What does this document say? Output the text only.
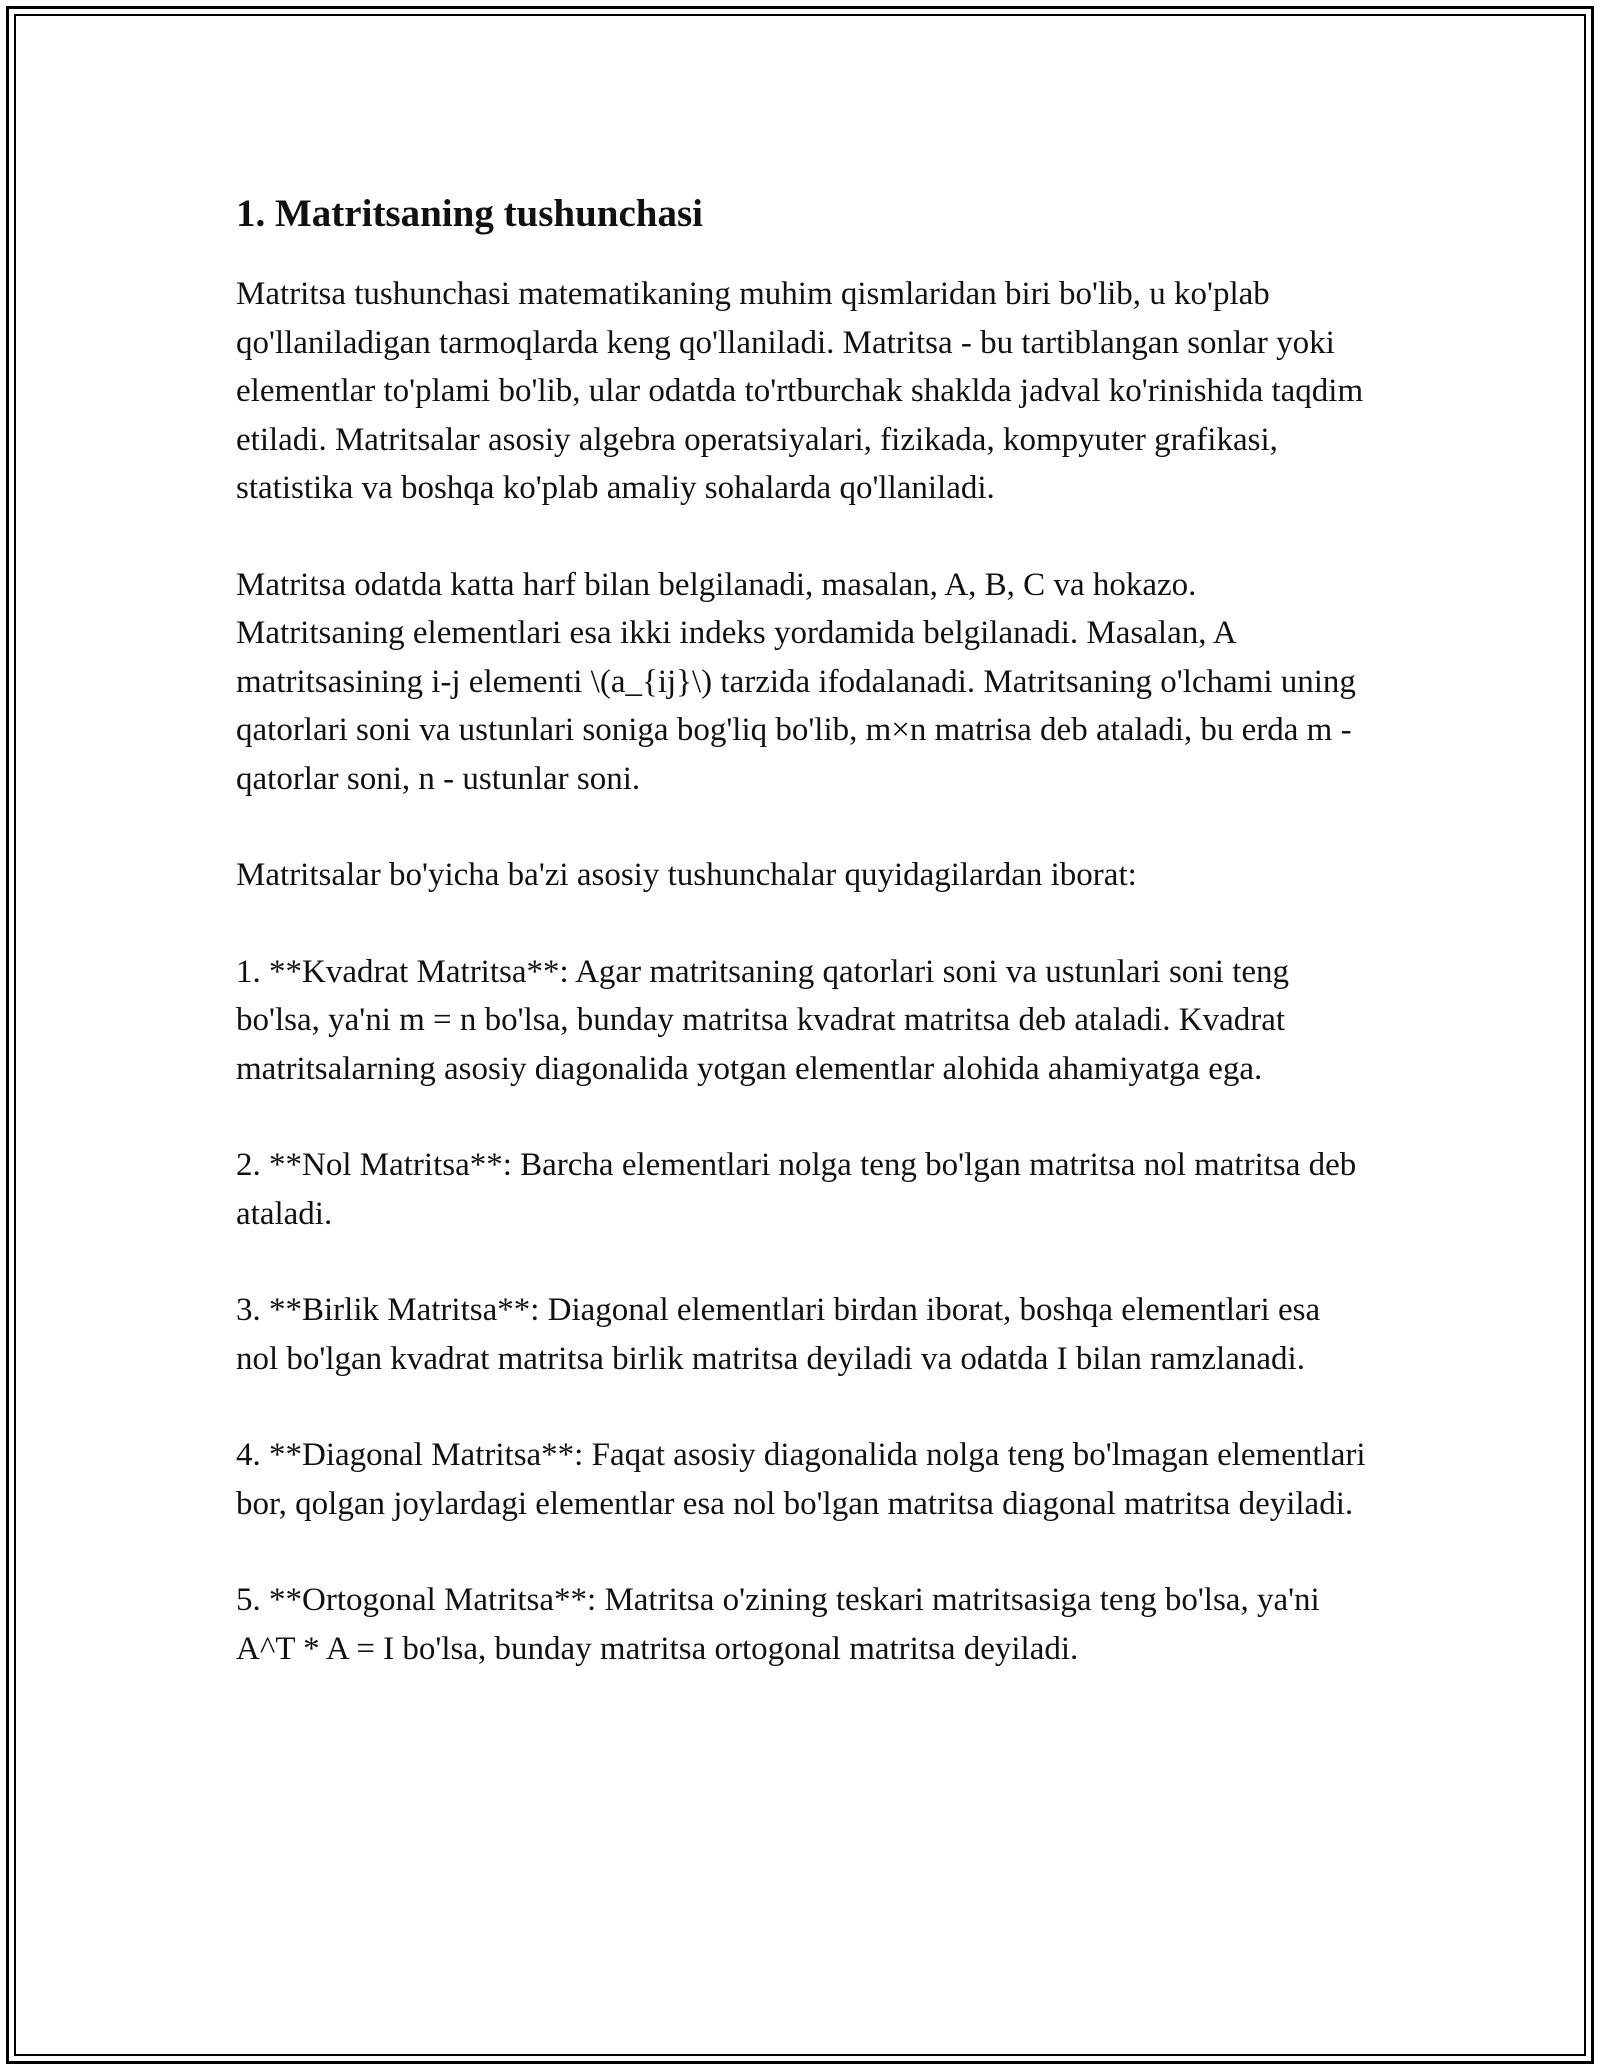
1. Matritsaning tushunchasi

Matritsa tushunchasi matematikaning muhim qismlaridan biri bo'lib, u ko'plab qo'llaniladigan tarmoqlarda keng qo'llaniladi. Matritsa - bu tartiblangan sonlar yoki elementlar to'plami bo'lib, ular odatda to'rtburchak shakldа jadval ko'rinishida taqdim etiladi. Matritsalar asosiy algebra operatsiyalari, fizikada, kompyuter grafikasi, statistika va boshqa ko'plab amaliy sohalarda qo'llaniladi.

Matritsa odatda katta harf bilan belgilanadi, masalan, A, B, C va hokazo. Matritsaning elementlari esa ikki indeks yordamida belgilanadi. Masalan, A matritsasining i-j elementi \(a_{ij}\) tarzida ifodalanadi. Matritsaning o'lchami uning qatorlari soni va ustunlari soniga bog'liq bo'lib, m×n matrisa deb ataladi, bu erda m - qatorlar soni, n - ustunlar soni.

Matritsalar bo'yicha ba'zi asosiy tushunchalar quyidagilardan iborat:

1. **Kvadrat Matritsa**: Agar matritsaning qatorlari soni va ustunlari soni teng bo'lsa, ya'ni m = n bo'lsa, bunday matritsa kvadrat matritsa deb ataladi. Kvadrat matritsalarning asosiy diagonalida yotgan elementlar alohida ahamiyatga ega.

2. **Nol Matritsa**: Barcha elementlari nolga teng bo'lgan matritsa nol matritsa deb ataladi.

3. **Birlik Matritsa**: Diagonal elementlari birdan iborat, boshqa elementlari esa nol bo'lgan kvadrat matritsa birlik matritsa deyiladi va odatda I bilan ramzlanadi.

4. **Diagonal Matritsa**: Faqat asosiy diagonalida nolga teng bo'lmagan elementlari bor, qolgan joylardagi elementlar esa nol bo'lgan matritsa diagonal matritsa deyiladi.

5. **Ortogonal Matritsa**: Matritsa o'zining teskari matritsasiga teng bo'lsa, ya'ni A^T * A = I bo'lsa, bunday matritsa ortogonal matritsa deyiladi.
